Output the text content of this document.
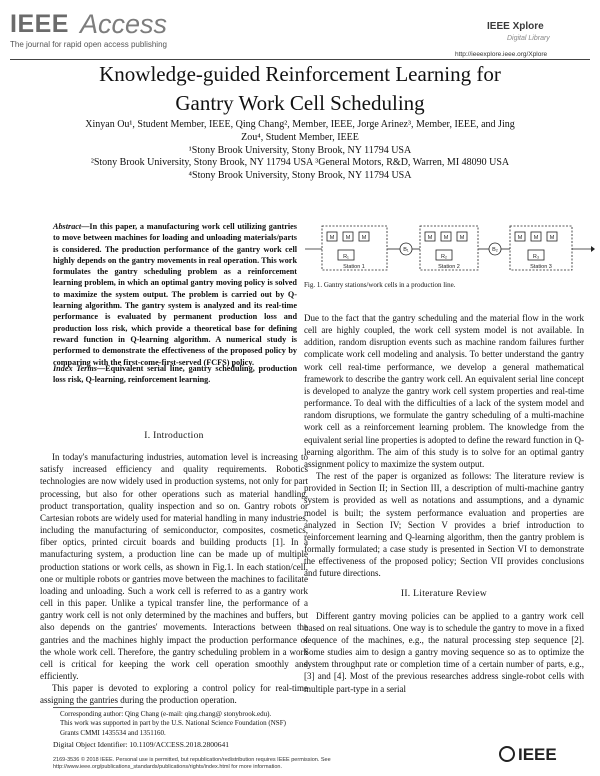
IEEE Access
The journal for rapid open access publishing
IEEE Xplore
Digital Library
http://ieeexplore.ieee.org/Xplore
Knowledge-guided Reinforcement Learning for
Gantry Work Cell Scheduling
Xinyan Ou¹, Student Member, IEEE, Qing Chang², Member, IEEE, Jorge Arinez³, Member, IEEE, and Jing
Zou⁴, Student Member, IEEE
¹Stony Brook University, Stony Brook, NY 11794 USA
²Stony Brook University, Stony Brook, NY 11794 USA ³General Motors, R&D, Warren, MI 48090 USA
⁴Stony Brook University, Stony Brook, NY 11794 USA
Abstract—In this paper, a manufacturing work cell utilizing gantries to move between machines for loading and unloading materials/parts is considered. The production performance of the gantry work cell highly depends on the gantry movements in real operation. This work formulates the gantry scheduling problem as a reinforcement learning problem, in which an optimal gantry moving policy is solved to maximize the system output. The problem is carried out by Q-learning algorithm. The gantry system is analyzed and its real-time performance is evaluated by permanent production loss and production loss risk, which provide a theoretical base for defining reward function in Q-learning algorithm. A numerical study is performed to demonstrate the effectiveness of the proposed policy by comparing with the first-come-first-served (FCFS) policy.
Index Terms—Equivalent serial line, gantry scheduling, production loss risk, Q-learning, reinforcement learning.
I. Introduction

In today's manufacturing industries, automation level is increasing to satisfy increased efficiency and quality requirements. Robotics technologies are now widely used in production systems, not only for part processing, but also for other operations such as material handling, product transportation, quality inspection and so on. Gantry robots or Cartesian robots are widely used for material handling in many industries, including the manufacturing of semiconductor, composites, cosmetics, fiber optics, printed circuit boards and building products [1]. In a manufacturing system, a production line can be made up of multiple production stations or work cells, as shown in Fig.1. In each station/cell, one or multiple robots or gantries move between the machines to facilitate loading and unloading. Such a work cell is referred to as a gantry work cell in this paper. Unlike a typical transfer line, the performance of a gantry work cell is not only determined by the machines and buffers, but also depends on the gantries' movements. Interactions between the gantries and the machines highly impact the production performance of the whole work cell. Therefore, the gantry scheduling problem in a work cell is critical for keeping the work cell operation smoothly and efficiently.

This paper is devoted to exploring a control policy for real-time assigning the gantries during the production operation.

Corresponding author: Qing Chang (e-mail: qing.chang@ stonybrook.edu).
This work was supported in part by the U.S. National Science Foundation (NSF) Grants CMMI 1435534 and 1351160.
Digital Object Identifier: 10.1109/ACCESS.2018.2800641
2169-3536 © 2018 IEEE. Personal use is permitted, but republication/redistribution requires IEEE permission. See http://www.ieee.org/publications_standards/publications/rights/index.html for more information.
IEEE
M M M
R₁
Station 1
B₁
M M M
R₂
Station 2
B₂
M M M
R₃
Station 3
Fig. 1. Gantry stations/work cells in a production line.

Due to the fact that the gantry scheduling and the material flow in the work cell are highly coupled, the work cell system model is not available. In addition, random disruption events such as machine random failures further complicate work cell modeling and analysis. To better understand the gantry work cell real-time performance, we develop a general mathematical framework to describe the gantry work cell. An equivalent serial line concept is developed to analyze the gantry work cell system properties and real-time performance. To deal with the difficulties of a lack of the system model and random disruptions, we formulate the gantry scheduling of a multi-machine work cell as a reinforcement learning problem. The knowledge from the equivalent serial line properties is adopted to define the reward function in Q-learning algorithm. The aim of this study is to solve for an optimal gantry assignment policy to maximize the system output.

The rest of the paper is organized as follows: The literature review is provided in Section II; in Section III, a description of multi-machine gantry system is provided as well as notations and assumptions, and a dynamic model is built; the system performance evaluation and properties are analyzed in Section IV; Section V provides a brief introduction to reinforcement learning and Q-learning algorithm, then the gantry problem is formally formulated; a case study is presented in Section VI to demonstrate the effectiveness of the proposed policy; Section VII provides conclusions and future directions.

II. Literature Review

Different gantry moving policies can be applied to a gantry work cell based on real situations. One way is to schedule the gantry to move in a fixed sequence of the machines, e.g., the natural processing step sequence [2]. Some studies aim to design a gantry moving sequence so as to optimize the system throughput rate or completion time of a certain number of parts, e.g., [3] and [4]. Most of the previous researches address single-robot cells with multiple part-type in a serial
